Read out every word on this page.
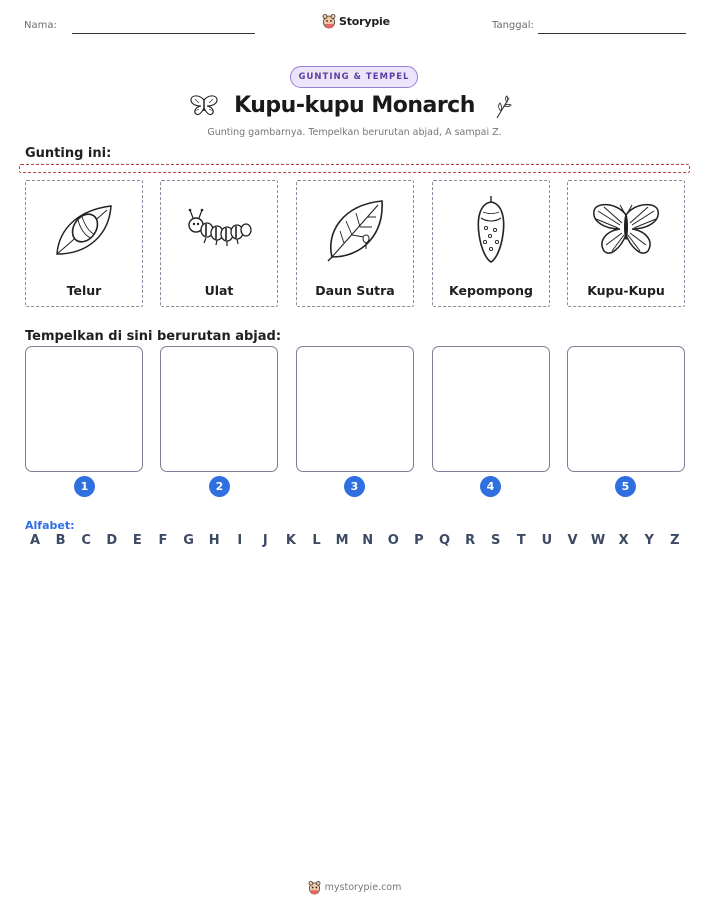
Nama:	Storypie	Tanggal:
GUNTING & TEMPEL
Kupu-kupu Monarch
Gunting gambarnya. Tempelkan berurutan abjad, A sampai Z.
Gunting ini:
Telur	Ulat	Daun Sutra	Kepompong	Kupu-Kupu
Tempelkan di sini berurutan abjad:
1	2	3	4	5
Alfabet:
A	B	C	D	E	F	G	H	I	J	K	L	M	N	O	P	Q	R	S	T	U	V	W	X	Y	Z
mystorypie.com
